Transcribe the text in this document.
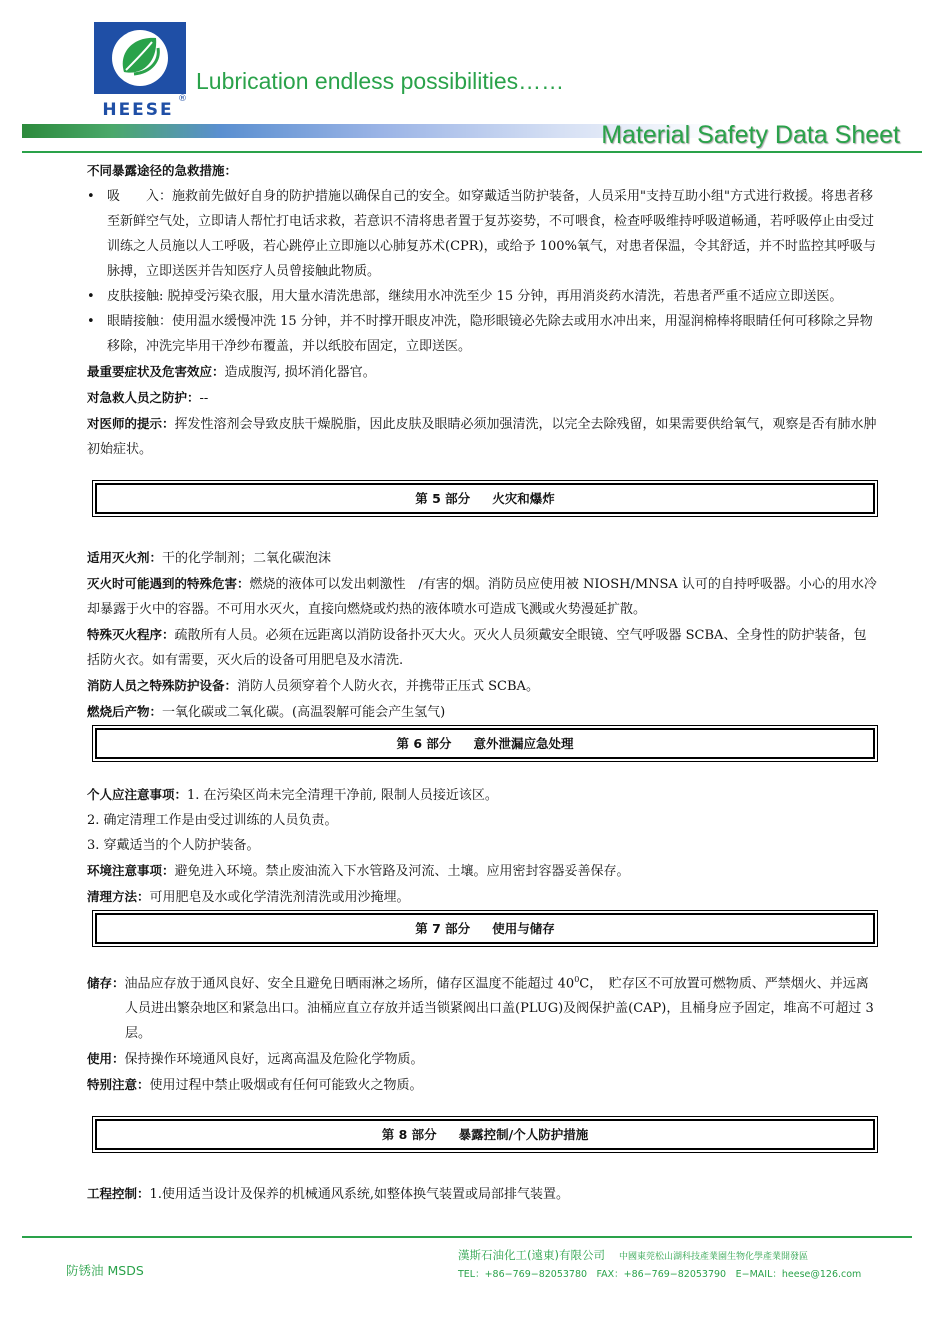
HEESE
®
Lubrication endless possibilities……
Material Safety Data Sheet

不同暴露途径的急救措施：

• 吸　　入：施救前先做好自身的防护措施以确保自己的安全。如穿戴适当防护装备，人员采用"支持互助小组"方式进行救援。将患者移至新鲜空气处，立即请人帮忙打电话求救，若意识不清将患者置于复苏姿势，不可喂食，检查呼吸维持呼吸道畅通，若呼吸停止由受过训练之人员施以人工呼吸，若心跳停止立即施以心肺复苏术(CPR)，或给予 100%氧气，对患者保温，令其舒适，并不时监控其呼吸与脉搏，立即送医并告知医疗人员曾接触此物质。

• 皮肤接触: 脱掉受污染衣服，用大量水清洗患部，继续用水冲洗至少 15 分钟，再用消炎药水清洗，若患者严重不适应立即送医。

• 眼睛接触：使用温水缓慢冲洗 15 分钟，并不时撑开眼皮冲洗，隐形眼镜必先除去或用水冲出来，用湿润棉棒将眼睛任何可移除之异物移除，冲洗完毕用干净纱布覆盖，并以纸胶布固定，立即送医。

最重要症状及危害效应：造成腹泻, 损坏消化器官。

对急救人员之防护：--

对医师的提示：挥发性溶剂会导致皮肤干燥脱脂，因此皮肤及眼睛必须加强清洗，以完全去除残留，如果需要供给氧气，观察是否有肺水肿初始症状。

第 5 部分 火灾和爆炸

适用灭火剂：干的化学制剂；二氧化碳泡沫

灭火时可能遇到的特殊危害：燃烧的液体可以发出刺激性　/有害的烟。消防员应使用被 NIOSH/MNSA 认可的自持呼吸器。小心的用水冷却暴露于火中的容器。不可用水灭火，直接向燃烧或灼热的液体喷水可造成飞溅或火势漫延扩散。

特殊灭火程序：疏散所有人员。必须在远距离以消防设备扑灭大火。灭火人员须戴安全眼镜、空气呼吸器 SCBA、全身性的防护装备，包括防火衣。如有需要，灭火后的设备可用肥皂及水清洗.

消防人员之特殊防护设备：消防人员须穿着个人防火衣，并携带正压式 SCBA。

燃烧后产物：一氧化碳或二氧化碳。(高温裂解可能会产生氢气)

第 6 部分 意外泄漏应急处理

个人应注意事项：1. 在污染区尚未完全清理干净前, 限制人员接近该区。

2. 确定清理工作是由受过训练的人员负责。

3. 穿戴适当的个人防护装备。

环境注意事项：避免进入环境。禁止废油流入下水管路及河流、土壤。应用密封容器妥善保存。

清理方法：可用肥皂及水或化学清洗剂清洗或用沙掩埋。

第 7 部分 使用与储存

储存：油品应存放于通风良好、安全且避免日晒雨淋之场所，储存区温度不能超过 $40^0C$，　贮存区不可放置可燃物质、严禁烟火、并远离人员进出繁杂地区和紧急出口。油桶应直立存放并适当锁紧阀出口盖(PLUG)及阀保护盖(CAP)，且桶身应予固定，堆高不可超过 3 层。

使用：保持操作环境通风良好，远离高温及危险化学物质。

特别注意：使用过程中禁止吸烟或有任何可能致火之物质。

第 8 部分 暴露控制/个人防护措施

工程控制：1.使用适当设计及保养的机械通风系统,如整体换气装置或局部排气装置。

防锈油 MSDS
漢斯石油化工(遠東)有限公司 中國東莞松山湖科技產業園生物化學產業開發區
TEL：+86−769−82053780　FAX：+86−769−82053790　E−MAIL：heese@126.com
